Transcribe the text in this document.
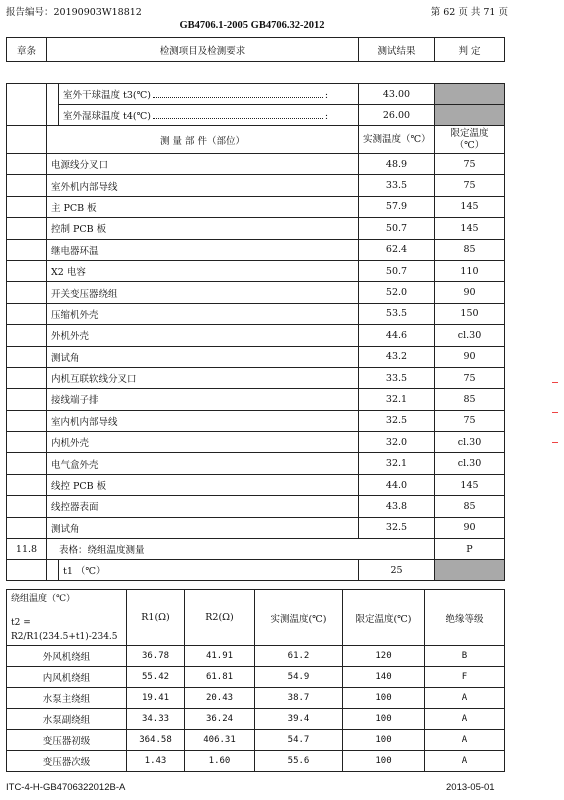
报告编号：20190903W18812	第 62 页 共 71 页
GB4706.1-2005 GB4706.32-2012
章条	检测项目及检测要求	测试结果	判 定
		室外干球温度 t3(℃) :	43.00	
		室外湿球温度 t4(℃) :	26.00	
	测 量 部 件（部位）		实测温度（℃）	限定温度（℃）
	电源线分叉口		48.9	75
	室外机内部导线		33.5	75
	主 PCB 板		57.9	145
	控制 PCB 板		50.7	145
	继电器环温		62.4	85
	X2 电容		50.7	110
	开关变压器绕组		52.0	90
	压缩机外壳		53.5	150
	外机外壳		44.6	cl.30
	测试角		43.2	90
	内机互联软线分叉口		33.5	75
	接线端子排		32.1	85
	室内机内部导线		32.5	75
	内机外壳		32.0	cl.30
	电气盒外壳		32.1	cl.30
	线控 PCB 板		44.0	145
	线控器表面		43.8	85
	测试角		32.5	90
11.8	表格：绕组温度测量			P
		t1 （℃）	25	
绕组温度（℃）
t2 = R2/R1(234.5+t1)-234.5	R1(Ω)	R2(Ω)	实测温度(℃)	限定温度(℃)	绝缘等级
外风机绕组	36.78	41.91	61.2	120	B
内风机绕组	55.42	61.81	54.9	140	F
水泵主绕组	19.41	20.43	38.7	100	A
水泵副绕组	34.33	36.24	39.4	100	A
变压器初级	364.58	406.31	54.7	100	A
变压器次级	1.43	1.60	55.6	100	A
ITC-4-H-GB4706322012B-A	2013-05-01
